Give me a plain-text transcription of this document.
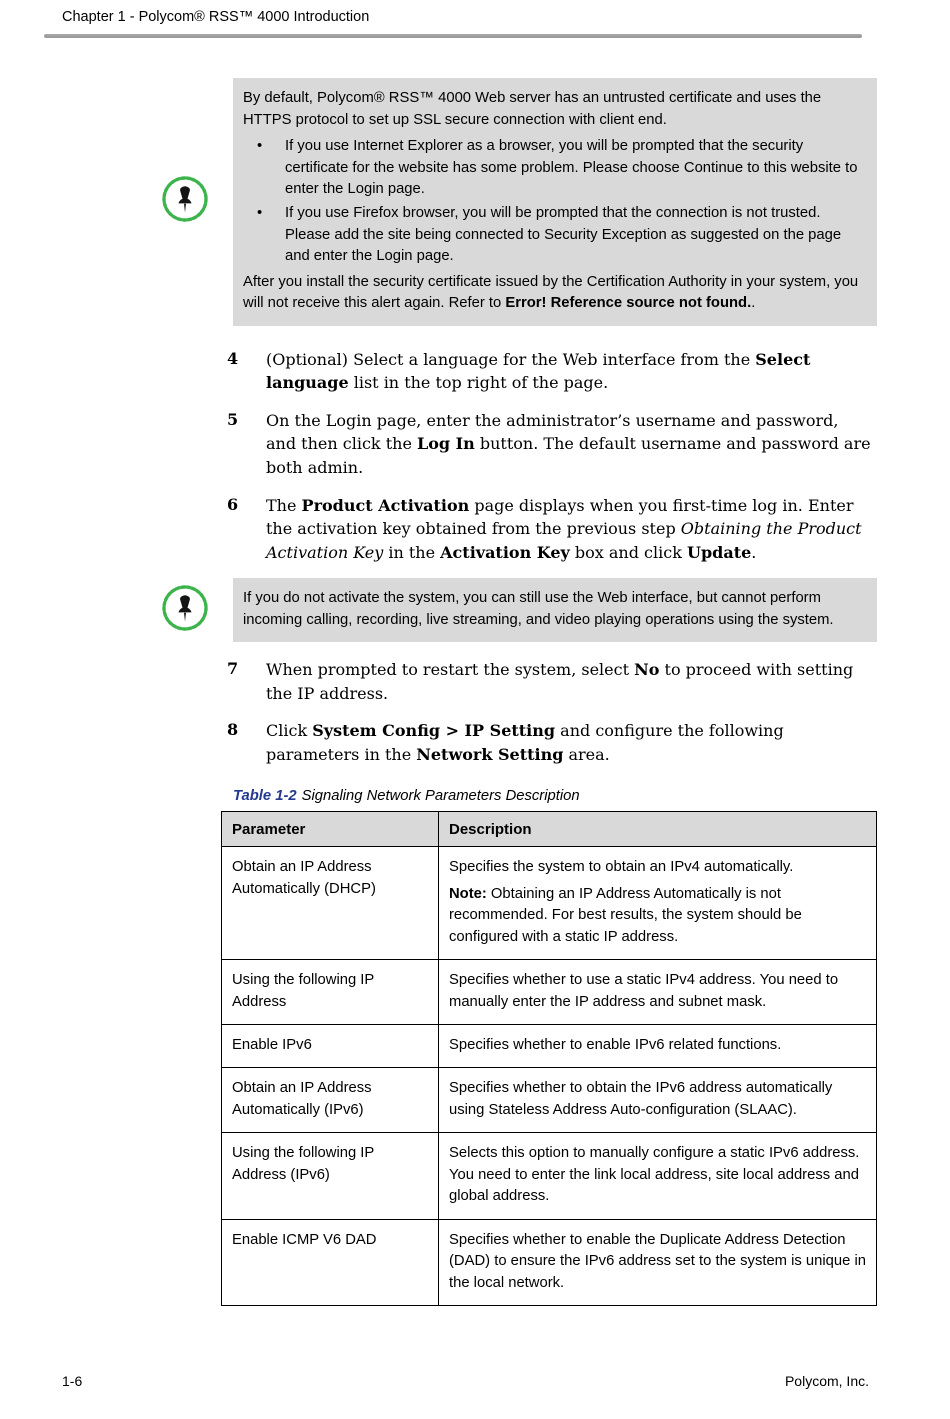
Chapter 1 - Polycom® RSS™ 4000 Introduction

By default, Polycom® RSS™ 4000 Web server has an untrusted certificate and uses the HTTPS protocol to set up SSL secure connection with client end.

• If you use Internet Explorer as a browser, you will be prompted that the security certificate for the website has some problem. Please choose Continue to this website to enter the Login page.
• If you use Firefox browser, you will be prompted that the connection is not trusted. Please add the site being connected to Security Exception as suggested on the page and enter the Login page.

After you install the security certificate issued by the Certification Authority in your system, you will not receive this alert again. Refer to Error! Reference source not found..

4	(Optional) Select a language for the Web interface from the Select language list in the top right of the page.
5	On the Login page, enter the administrator’s username and password, and then click the Log In button. The default username and password are both admin.
6	The Product Activation page displays when you first-time log in. Enter the activation key obtained from the previous step Obtaining the Product Activation Key in the Activation Key box and click Update.

If you do not activate the system, you can still use the Web interface, but cannot perform incoming calling, recording, live streaming, and video playing operations using the system.

7	When prompted to restart the system, select No to proceed with setting the IP address.
8	Click System Config > IP Setting and configure the following parameters in the Network Setting area.
Table 1-2 Signaling Network Parameters Description
Parameter	Description
Obtain an IP Address Automatically (DHCP)	Specifies the system to obtain an IPv4 automatically.

Note: Obtaining an IP Address Automatically is not recommended. For best results, the system should be configured with a static IP address.

Using the following IP Address	Specifies whether to use a static IPv4 address. You need to manually enter the IP address and subnet mask.

Enable IPv6	Specifies whether to enable IPv6 related functions.

Obtain an IP Address Automatically (IPv6)	Specifies whether to obtain the IPv6 address automatically using Stateless Address Auto-configuration (SLAAC).

Using the following IP Address (IPv6)	Selects this option to manually configure a static IPv6 address. You need to enter the link local address, site local address and global address.

Enable ICMP V6 DAD	Specifies whether to enable the Duplicate Address Detection (DAD) to ensure the IPv6 address set to the system is unique in the local network.

1-6	Polycom, Inc.
